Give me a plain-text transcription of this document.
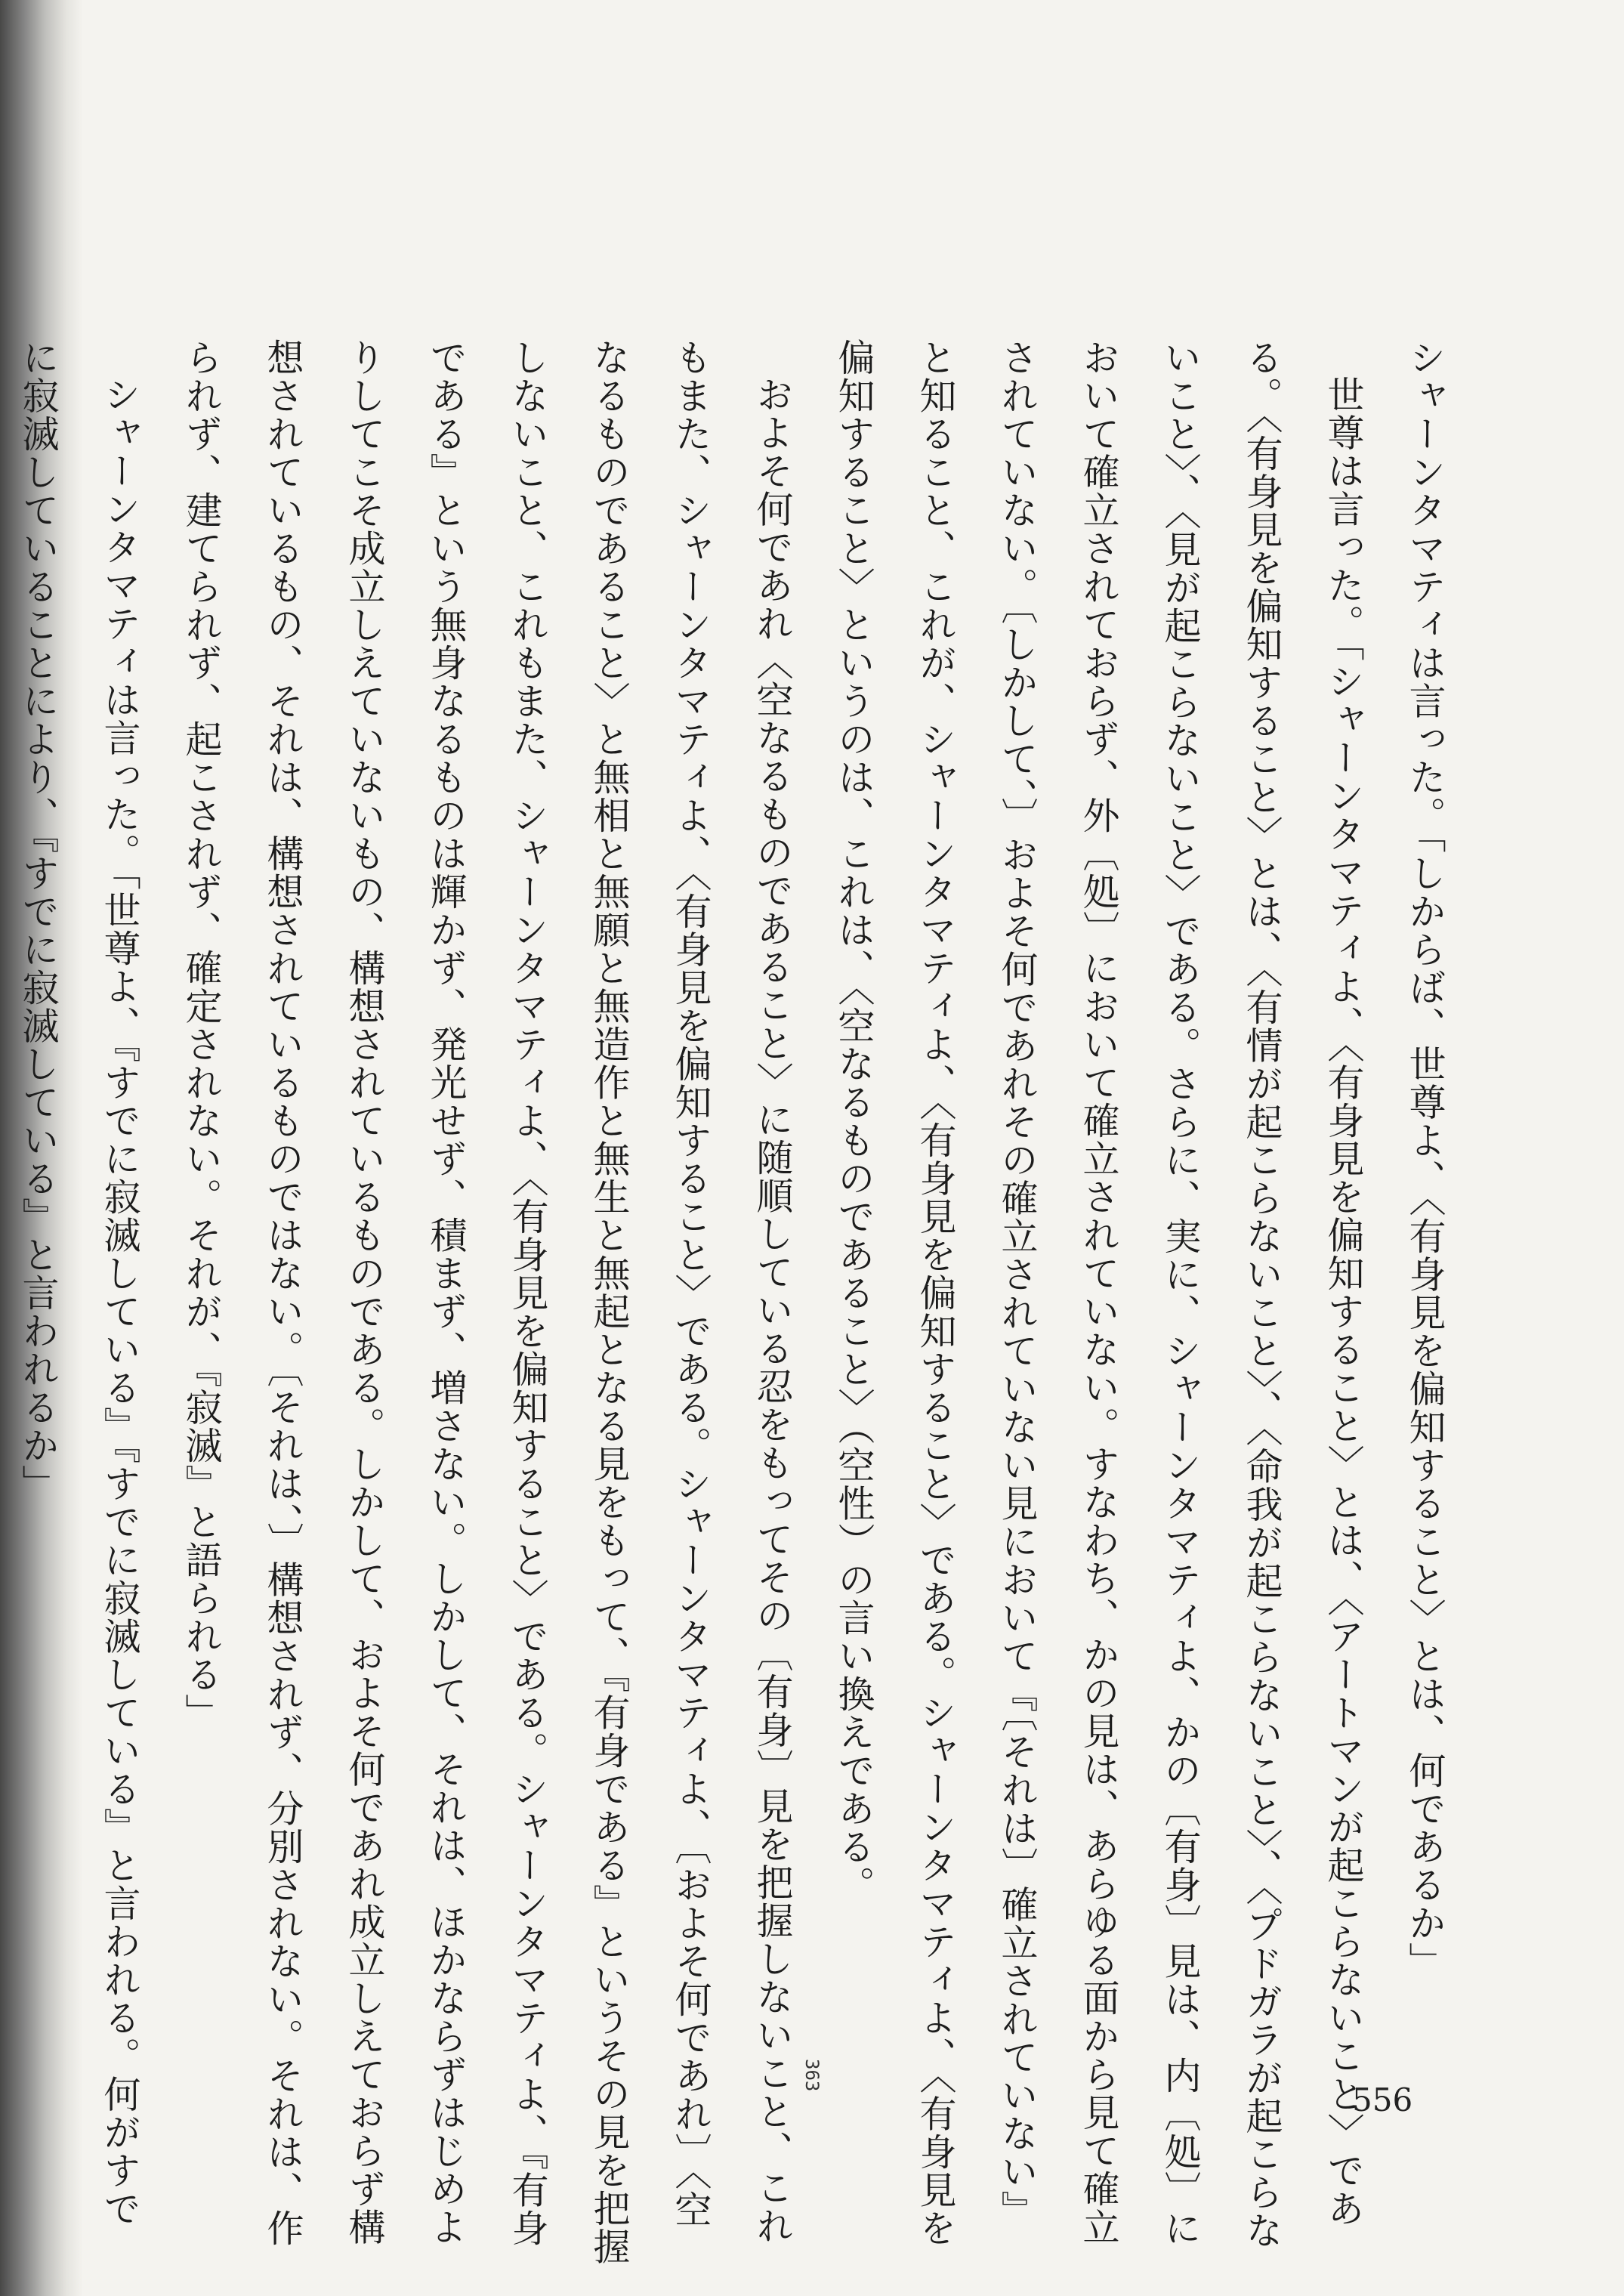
シャーンタマティは言った。「しからば、世尊よ、〈有身見を偏知すること〉とは、何であるか」
世尊は言った。「シャーンタマティよ、〈有身見を偏知すること〉とは、〈アートマンが起こらないこと〉であ
る。〈有身見を偏知すること〉とは、〈有情が起こらないこと〉、〈命我が起こらないこと〉、〈プドガラが起こらな
いこと〉、〈見が起こらないこと〉である。さらに、実に、シャーンタマティよ、かの〔有身〕見は、内〔処〕に
おいて確立されておらず、外〔処〕において確立されていない。すなわち、かの見は、あらゆる面から見て確立
されていない。〔しかして、〕およそ何であれその確立されていない見において『〔それは〕確立されていない』
と知ること、これが、シャーンタマティよ、〈有身見を偏知すること〉である。シャーンタマティよ、〈有身見を
偏知すること〉というのは、これは、〈空なるものであること〉（空性）の言い換えである。
およそ何であれ〈空なるものであること〉に随順している忍をもってその〔有身〕見を把握しないこと、これ
もまた、シャーンタマティよ、〈有身見を偏知すること〉である。シャーンタマティよ、〔およそ何であれ〕〈空
なるものであること〉と無相と無願と無造作と無生と無起となる見をもって、『有身である』というその見を把握
しないこと、これもまた、シャーンタマティよ、〈有身見を偏知すること〉である。シャーンタマティよ、『有身
である』という無身なるものは輝かず、発光せず、積まず、増さない。しかして、それは、ほかならずはじめよ
りしてこそ成立しえていないもの、構想されているものである。しかして、およそ何であれ成立しえておらず構
想されているもの、それは、構想されているものではない。〔それは、〕構想されず、分別されない。それは、作
られず、建てられず、起こされず、確定されない。それが、『寂滅』と語られる」
シャーンタマティは言った。「世尊よ、『すでに寂滅している』『すでに寂滅している』と言われる。何がすで
に寂滅していることにより、『すでに寂滅している』と言われるか」
363
556
